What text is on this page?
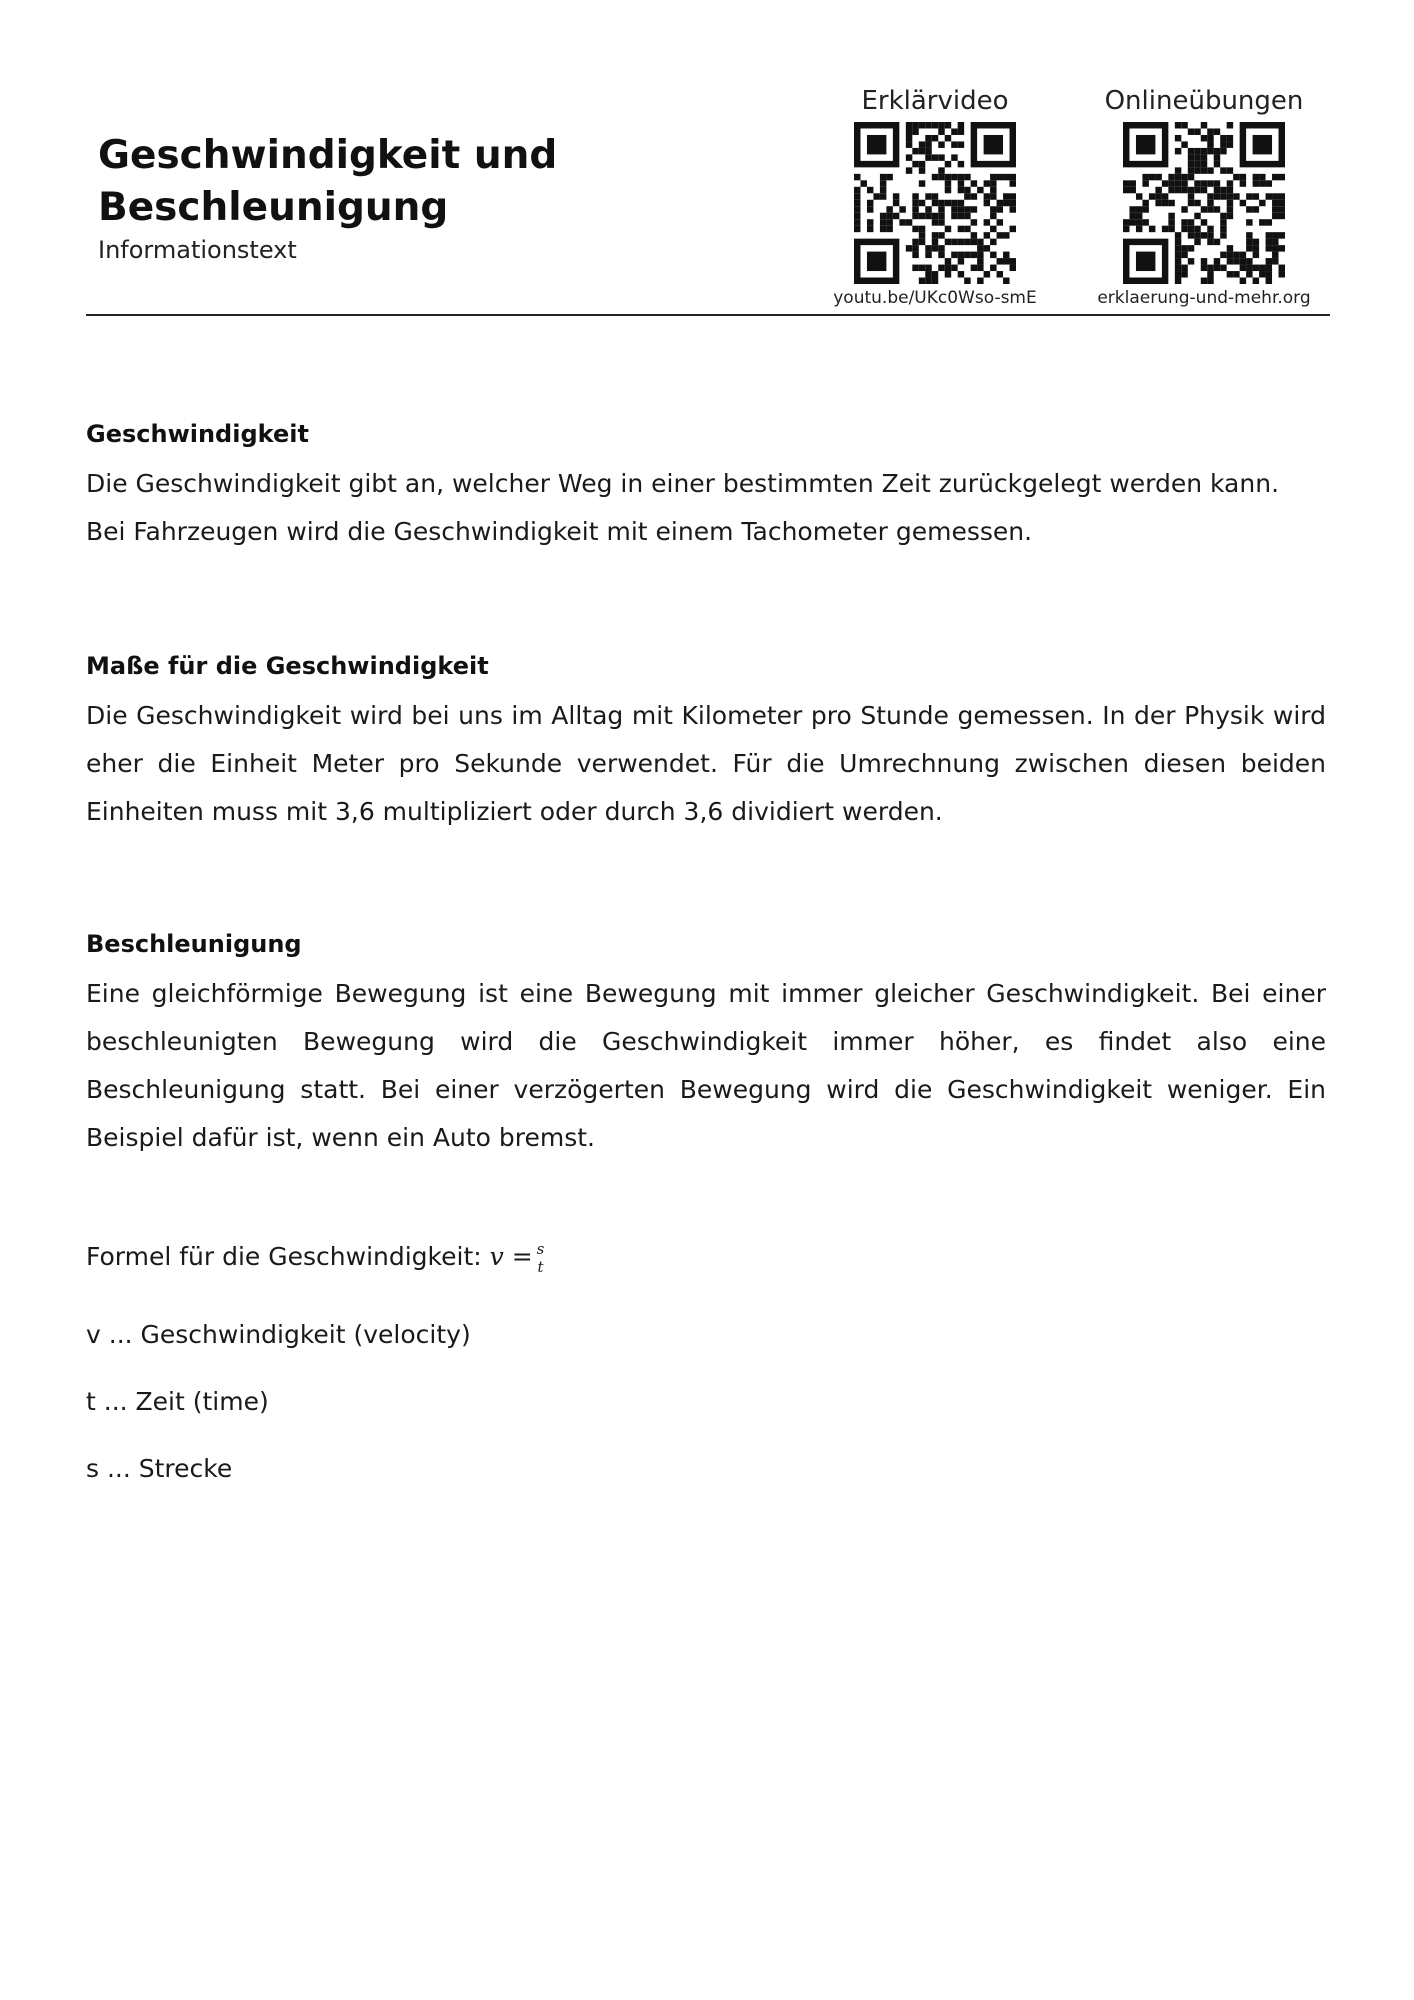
Geschwindigkeit und
Beschleunigung
Informationstext
Erklärvideo
youtu.be/UKc0Wso-smE
Onlineübungen
erklaerung-und-mehr.org
Geschwindigkeit

Die Geschwindigkeit gibt an, welcher Weg in einer bestimmten Zeit zurückgelegt werden kann.

Bei Fahrzeugen wird die Geschwindigkeit mit einem Tachometer gemessen.

Maße für die Geschwindigkeit

Die Geschwindigkeit wird bei uns im Alltag mit Kilometer pro Stunde gemessen. In der Physik wird eher die Einheit Meter pro Sekunde verwendet. Für die Umrechnung zwischen diesen beiden Einheiten muss mit 3,6 multipliziert oder durch 3,6 dividiert werden.

Beschleunigung

Eine gleichförmige Bewegung ist eine Bewegung mit immer gleicher Geschwindigkeit. Bei einer beschleunigten Bewegung wird die Geschwindigkeit immer höher, es findet also eine Beschleunigung statt. Bei einer verzögerten Bewegung wird die Geschwindigkeit weniger. Ein Beispiel dafür ist, wenn ein Auto bremst.

Formel für die Geschwindigkeit: v = s
t

v ... Geschwindigkeit (velocity)

t ... Zeit (time)

s ... Strecke
